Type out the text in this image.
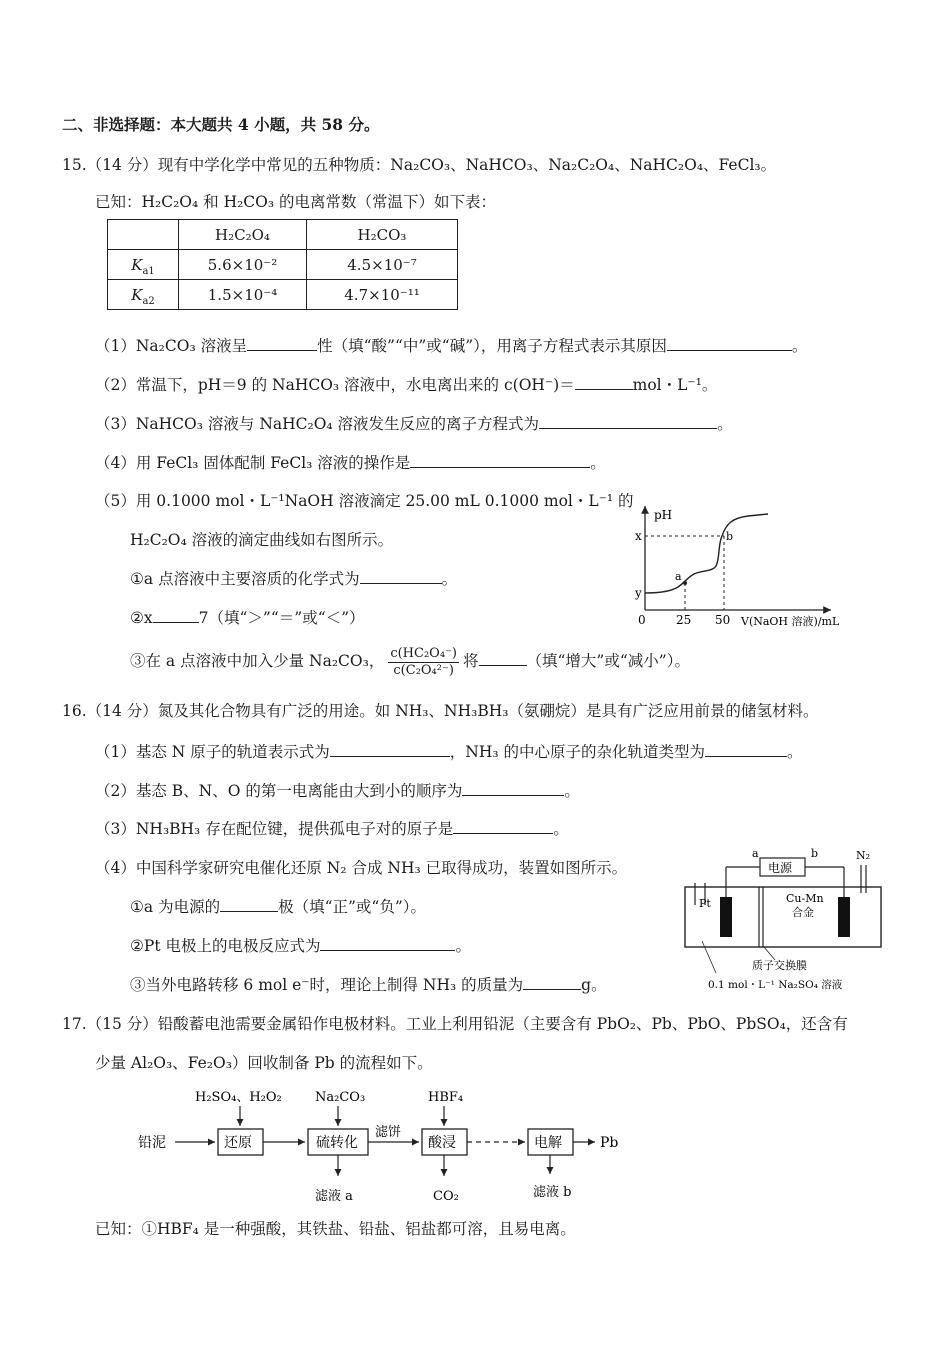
二、非选择题：本大题共 4 小题，共 58 分。
15.（14 分）现有中学化学中常见的五种物质：Na₂CO₃、NaHCO₃、Na₂C₂O₄、NaHC₂O₄、FeCl₃。
已知：H₂C₂O₄ 和 H₂CO₃ 的电离常数（常温下）如下表：
	H₂C₂O₄	H₂CO₃
$K_{a1}$	5.6×10⁻²	4.5×10⁻⁷
$K_{a2}$	1.5×10⁻⁴	4.7×10⁻¹¹
（1）Na₂CO₃ 溶液呈	性（填“酸”“中”或“碱”），用离子方程式表示其原因	。
（2）常温下，pH＝9 的 NaHCO₃ 溶液中，水电离出来的 c(OH⁻)＝	mol・L⁻¹。
（3）NaHCO₃ 溶液与 NaHC₂O₄ 溶液发生反应的离子方程式为	。
（4）用 FeCl₃ 固体配制 FeCl₃ 溶液的操作是	。
（5）用 0.1000 mol・L⁻¹NaOH 溶液滴定 25.00 mL 0.1000 mol・L⁻¹ 的
H₂C₂O₄ 溶液的滴定曲线如右图所示。
①a 点溶液中主要溶质的化学式为	。
②x	7（填“＞”“＝”或“＜”）
③在 a 点溶液中加入少量 Na₂CO₃， $\frac{\text{c(HC₂O₄⁻)}}{\text{c(C₂O₄²⁻)}}$ 将	（填“增大”或“减小”）。
pH
0	25 50 V(NaOH 溶液)/mL
x
y
a
b
16.（14 分）氮及其化合物具有广泛的用途。如 NH₃、NH₃BH₃（氨硼烷）是具有广泛应用前景的储氢材料。
（1）基态 N 原子的轨道表示式为	，NH₃ 的中心原子的杂化轨道类型为	。
（2）基态 B、N、O 的第一电离能由大到小的顺序为	。
（3）NH₃BH₃ 存在配位键，提供孤电子对的原子是	。
（4）中国科学家研究电催化还原 N₂ 合成 NH₃ 已取得成功，装置如图所示。
①a 为电源的	极（填“正”或“负”）。
②Pt 电极上的电极反应式为	。
③当外电路转移 6 mol e⁻时，理论上制得 NH₃ 的质量为	g。
电源
a	b	N₂
Pt	Cu-Mn
合金
质子交换膜
0.1 mol・L⁻¹ Na₂SO₄ 溶液
17.（15 分）铅酸蓄电池需要金属铅作电极材料。工业上利用铅泥（主要含有 PbO₂、Pb、PbO、PbSO₄，还含有
少量 Al₂O₃、Fe₂O₃）回收制备 Pb 的流程如下。
铅泥	还原
H₂SO₄、H₂O₂
硫转化
Na₂CO₃
滤液 a
滤饼
酸浸
HBF₄
CO₂
电解
滤液 b
Pb
已知：①HBF₄ 是一种强酸，其铁盐、铅盐、铝盐都可溶，且易电离。
